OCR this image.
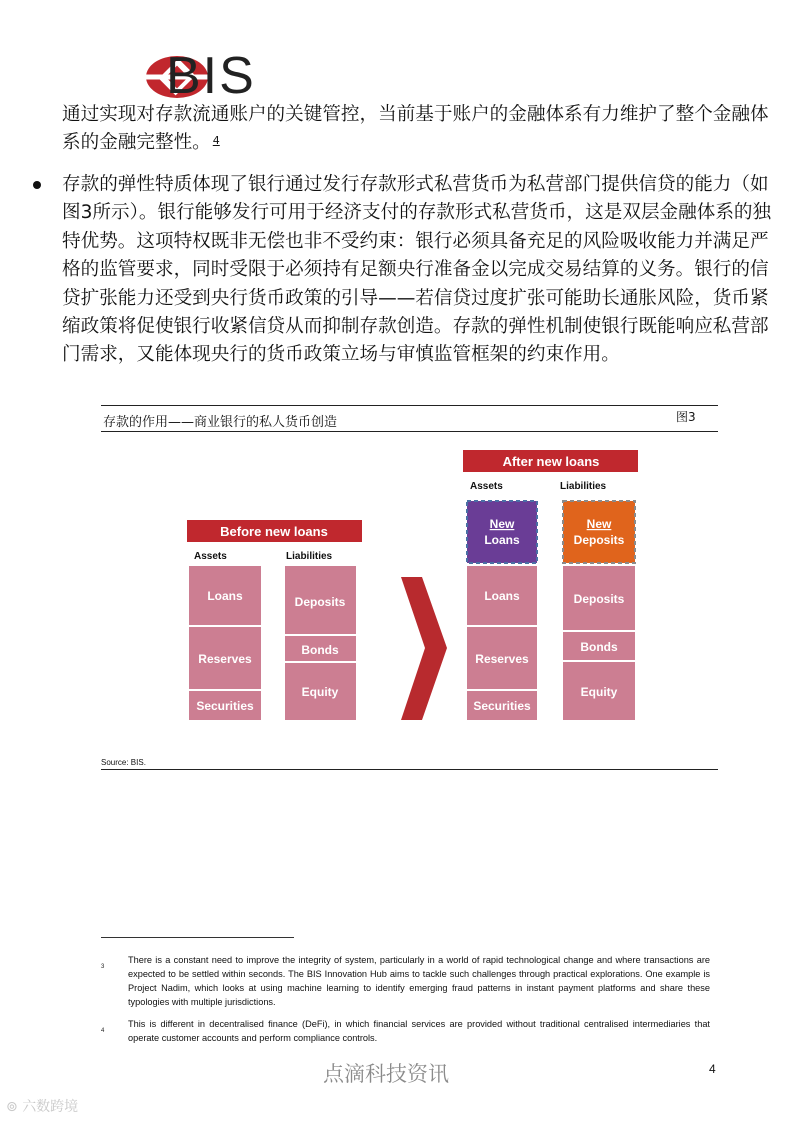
BIS
通过实现对存款流通账户的关键管控，当前基于账户的金融体系有力维护了整个金融体系的金融完整性。 $^4$
存款的弹性特质体现了银行通过发行存款形式私营货币为私营部门提供信贷的能力（如图3所示）。银行能够发行可用于经济支付的存款形式私营货币，这是双层金融体系的独特优势。这项特权既非无偿也非不受约束：银行必须具备充足的风险吸收能力并满足严格的监管要求，同时受限于必须持有足额央行准备金以完成交易结算的义务。银行的信贷扩张能力还受到央行货币政策的引导——若信贷过度扩张可能助长通胀风险，货币紧缩政策将促使银行收紧信贷从而抑制存款创造。存款的弹性机制使银行既能响应私营部门需求，又能体现央行的货币政策立场与审慎监管框架的约束作用。
存款的作用——商业银行的私人货币创造	图3
Before new loans
Assets	Liabilities
Loans
Reserves
Securities
Deposits
Bonds
Equity
After new loans
Assets	Liabilities
New
Loans
New
Deposits
Loans
Reserves
Securities
Deposits
Bonds
Equity
Source: BIS.
3
There is a constant need to improve the integrity of system, particularly in a world of rapid technological change and where transactions are expected to be settled within seconds. The BIS Innovation Hub aims to tackle such challenges through practical explorations. One example is Project Nadim, which looks at using machine learning to identify emerging fraud patterns in instant payment platforms and share these typologies with multiple jurisdictions.
4
This is different in decentralised finance (DeFi), in which financial services are provided without traditional centralised intermediaries that operate customer accounts and perform compliance controls.
点滴科技资讯	4
⊚ 六数跨境
